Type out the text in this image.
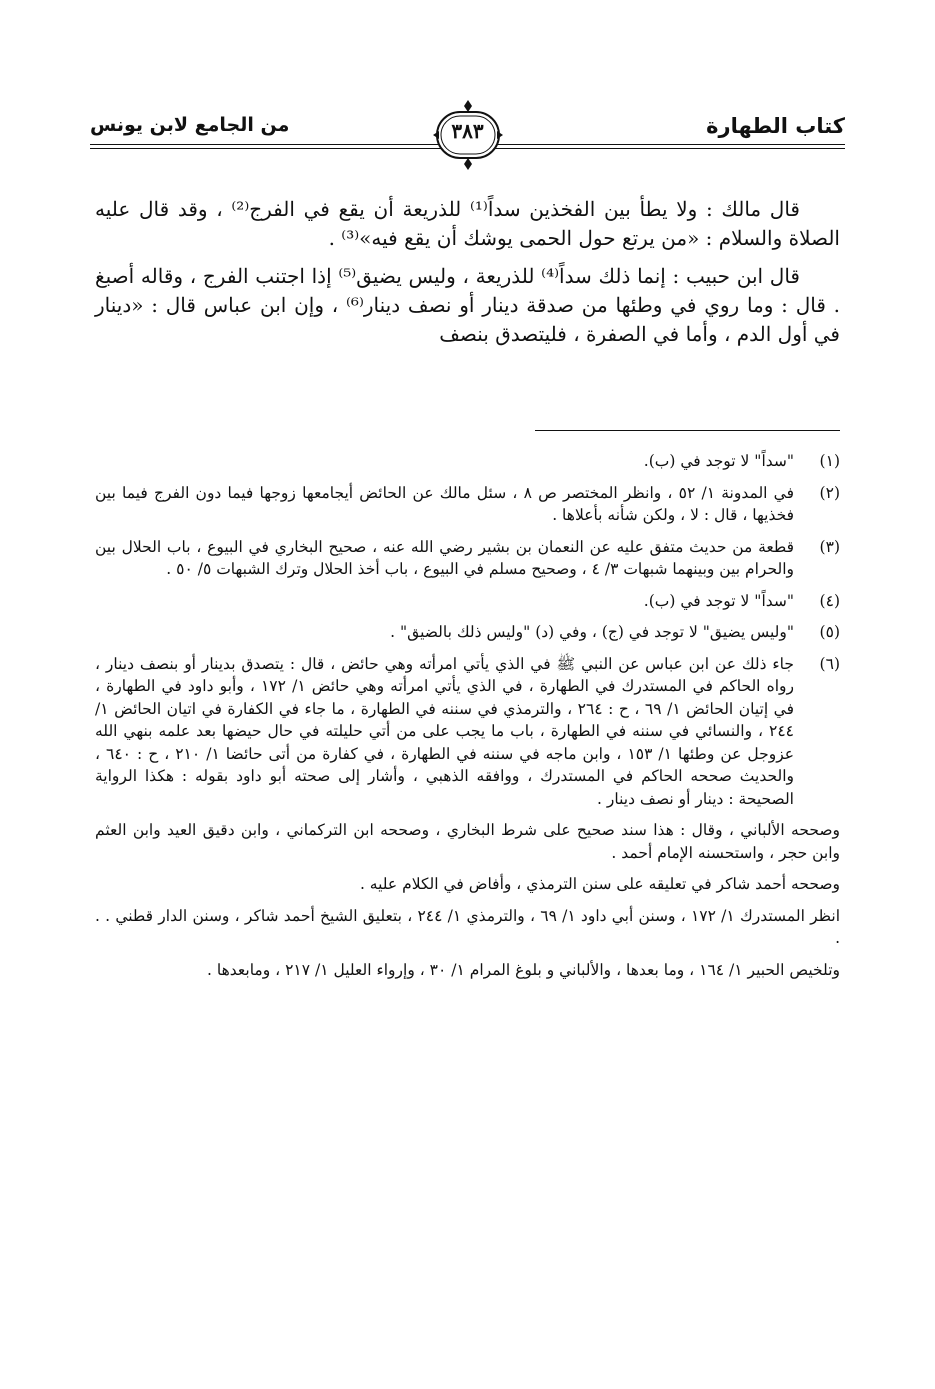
كتاب الطهارة
من الجامع لابن يونس	٣٨٣

قال مالك : ولا يطأ بين الفخذين سداً⁽¹⁾ للذريعة أن يقع في الفرج⁽²⁾ ، وقد قال عليه الصلاة والسلام : «من يرتع حول الحمى يوشك أن يقع فيه»⁽³⁾ .

قال ابن حبيب : إنما ذلك سداً⁽⁴⁾ للذريعة ، وليس يضيق⁽⁵⁾ إذا اجتنب الفرج ، وقاله أصبغ . قال : وما روي في وطئها من صدقة دينار أو نصف دينار⁽⁶⁾ ، وإن ابن عباس قال : «دينار في أول الدم ، وأما في الصفرة ، فليتصدق بنصف

(١)
"سداً" لا توجد في (ب).
(٢)
في المدونة ١/ ٥٢ ، وانظر المختصر ص ٨ ، سئل مالك عن الحائض أيجامعها زوجها فيما دون الفرج فيما بين فخذيها ، قال : لا ، ولكن شأنه بأعلاها .
(٣)
قطعة من حديث متفق عليه عن النعمان بن بشير رضي الله عنه ، صحيح البخاري في البيوع ، باب الحلال بين والحرام بين وبينهما شبهات ٣/ ٤ ، وصحيح مسلم في البيوع ، باب أخذ الحلال وترك الشبهات ٥/ ٥٠ .
(٤)
"سداً" لا توجد في (ب).
(٥)
"وليس يضيق" لا توجد في (ج) ، وفي (د) "وليس ذلك بالضيق" .
(٦)
جاء ذلك عن ابن عباس عن النبي ﷺ في الذي يأتي امرأته وهي حائض ، قال : يتصدق بدينار أو بنصف دينار ، رواه الحاكم في المستدرك في الطهارة ، في الذي يأتي امرأته وهي حائض ١/ ١٧٢ ، وأبو داود في الطهارة ، في إتيان الحائض ١/ ٦٩ ، ح : ٢٦٤ ، والترمذي في سننه في الطهارة ، ما جاء في الكفارة في اتيان الحائض ١/ ٢٤٤ ، والنسائي في سننه في الطهارة ، باب ما يجب على من أتي حليلته في حال حيضها بعد علمه بنهي الله عزوجل عن وطئها ١/ ١٥٣ ، وابن ماجه في سننه في الطهارة ، في كفارة من أتى حائضا ١/ ٢١٠ ، ح : ٦٤٠ ، والحديث صححه الحاكم في المستدرك ، ووافقه الذهبي ، وأشار إلى صحته أبو داود بقوله : هكذا الرواية الصحيحة : دينار أو نصف دينار .
وصححه الألباني ، وقال : هذا سند صحيح على شرط البخاري ، وصححه ابن التركماني ، وابن دقيق العيد وابن العثم وابن حجر ، واستحسنه الإمام أحمد .
وصححه أحمد شاكر في تعليقه على سنن الترمذي ، وأفاض في الكلام عليه .
انظر المستدرك ١/ ١٧٢ ، وسنن أبي داود ١/ ٦٩ ، والترمذي ١/ ٢٤٤ ، بتعليق الشيخ أحمد شاكر ، وسنن الدار قطني . . .
وتلخيص الحبير ١/ ١٦٤ ، وما بعدها ، والألباني و بلوغ المرام ١/ ٣٠ ، وإرواء العليل ١/ ٢١٧ ، ومابعدها .
